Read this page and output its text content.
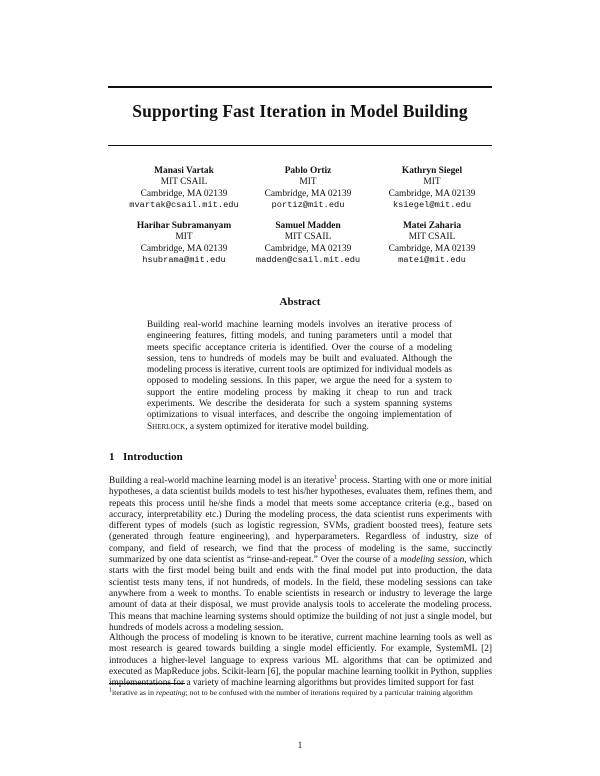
Supporting Fast Iteration in Model Building
Manasi Vartak
MIT CSAIL
Cambridge, MA 02139
mvartak@csail.mit.edu
Pablo Ortiz
MIT
Cambridge, MA 02139
portiz@mit.edu
Kathryn Siegel
MIT
Cambridge, MA 02139
ksiegel@mit.edu
Harihar Subramanyam
MIT
Cambridge, MA 02139
hsubrama@mit.edu
Samuel Madden
MIT CSAIL
Cambridge, MA 02139
madden@csail.mit.edu
Matei Zaharia
MIT CSAIL
Cambridge, MA 02139
matei@mit.edu
Abstract
Building real-world machine learning models involves an iterative process of engineering features, fitting models, and tuning parameters until a model that meets specific acceptance criteria is identified. Over the course of a modeling session, tens to hundreds of models may be built and evaluated. Although the modeling process is iterative, current tools are optimized for individual models as opposed to modeling sessions. In this paper, we argue the need for a system to support the entire modeling process by making it cheap to run and track experiments. We describe the desiderata for such a system spanning systems optimizations to visual interfaces, and describe the ongoing implementation of Sherlock, a system optimized for iterative model building.
1 Introduction
Building a real-world machine learning model is an iterative$^1$ process. Starting with one or more initial hypotheses, a data scientist builds models to test his/her hypotheses, evaluates them, refines them, and repeats this process until he/she finds a model that meets some acceptance criteria (e.g., based on accuracy, interpretability etc.) During the modeling process, the data scientist runs experiments with different types of models (such as logistic regression, SVMs, gradient boosted trees), feature sets (generated through feature engineering), and hyperparameters. Regardless of industry, size of company, and field of research, we find that the process of modeling is the same, succinctly summarized by one data scientist as “rinse-and-repeat.” Over the course of a modeling session, which starts with the first model being built and ends with the final model put into production, the data scientist tests many tens, if not hundreds, of models. In the field, these modeling sessions can take anywhere from a week to months. To enable scientists in research or industry to leverage the large amount of data at their disposal, we must provide analysis tools to accelerate the modeling process. This means that machine learning systems should optimize the building of not just a single model, but hundreds of models across a modeling session.
Although the process of modeling is known to be iterative, current machine learning tools as well as most research is geared towards building a single model efficiently. For example, SystemML [2] introduces a higher-level language to express various ML algorithms that can be optimized and executed as MapReduce jobs. Scikit-learn [6], the popular machine learning toolkit in Python, supplies implementations for a variety of machine learning algorithms but provides limited support for fast
$^1$iterative as in repeating; not to be confused with the number of iterations required by a particular training algorithm
1
